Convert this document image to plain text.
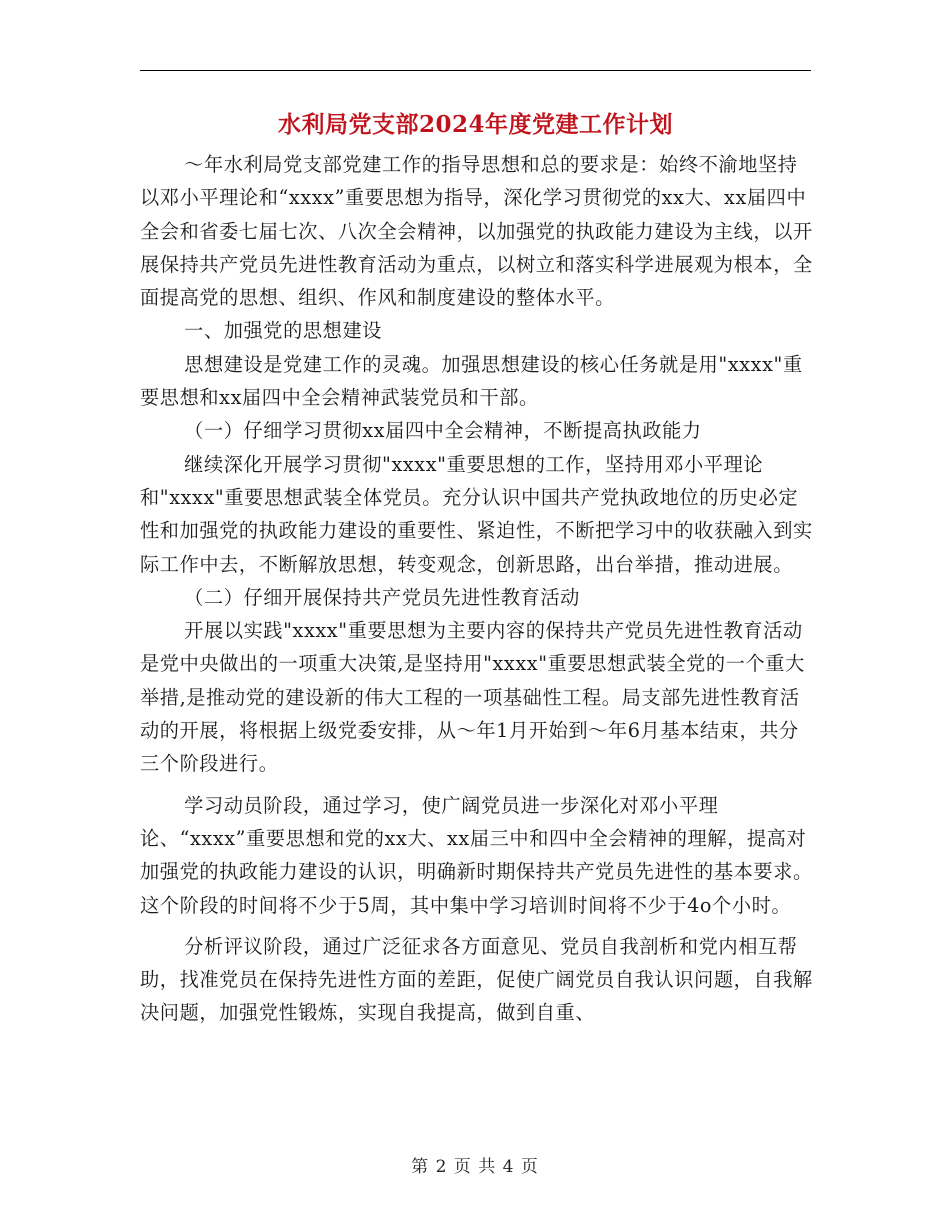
水利局党支部2024年度党建工作计划

～年水利局党支部党建工作的指导思想和总的要求是：始终不渝地坚持以邓小平理论和“xxxx”重要思想为指导，深化学习贯彻党的xx大、xx届四中全会和省委七届七次、八次全会精神，以加强党的执政能力建设为主线，以开展保持共产党员先进性教育活动为重点，以树立和落实科学进展观为根本，全面提高党的思想、组织、作风和制度建设的整体水平。

一、加强党的思想建设

思想建设是党建工作的灵魂。加强思想建设的核心任务就是用"xxxx"重要思想和xx届四中全会精神武装党员和干部。

（一）仔细学习贯彻xx届四中全会精神，不断提高执政能力

继续深化开展学习贯彻"xxxx"重要思想的工作，坚持用邓小平理论和"xxxx"重要思想武装全体党员。充分认识中国共产党执政地位的历史必定性和加强党的执政能力建设的重要性、紧迫性，不断把学习中的收获融入到实际工作中去，不断解放思想，转变观念，创新思路，出台举措，推动进展。

（二）仔细开展保持共产党员先进性教育活动

开展以实践"xxxx"重要思想为主要内容的保持共产党员先进性教育活动是党中央做出的一项重大决策,是坚持用"xxxx"重要思想武装全党的一个重大举措,是推动党的建设新的伟大工程的一项基础性工程。局支部先进性教育活动的开展，将根据上级党委安排，从～年1月开始到～年6月基本结束，共分三个阶段进行。

学习动员阶段，通过学习，使广阔党员进一步深化对邓小平理论、“xxxx”重要思想和党的xx大、xx届三中和四中全会精神的理解，提高对加强党的执政能力建设的认识，明确新时期保持共产党员先进性的基本要求。这个阶段的时间将不少于5周，其中集中学习培训时间将不少于4o个小时。

分析评议阶段，通过广泛征求各方面意见、党员自我剖析和党内相互帮助，找准党员在保持先进性方面的差距，促使广阔党员自我认识问题，自我解决问题，加强党性锻炼，实现自我提高，做到自重、

第 2 页 共 4 页
